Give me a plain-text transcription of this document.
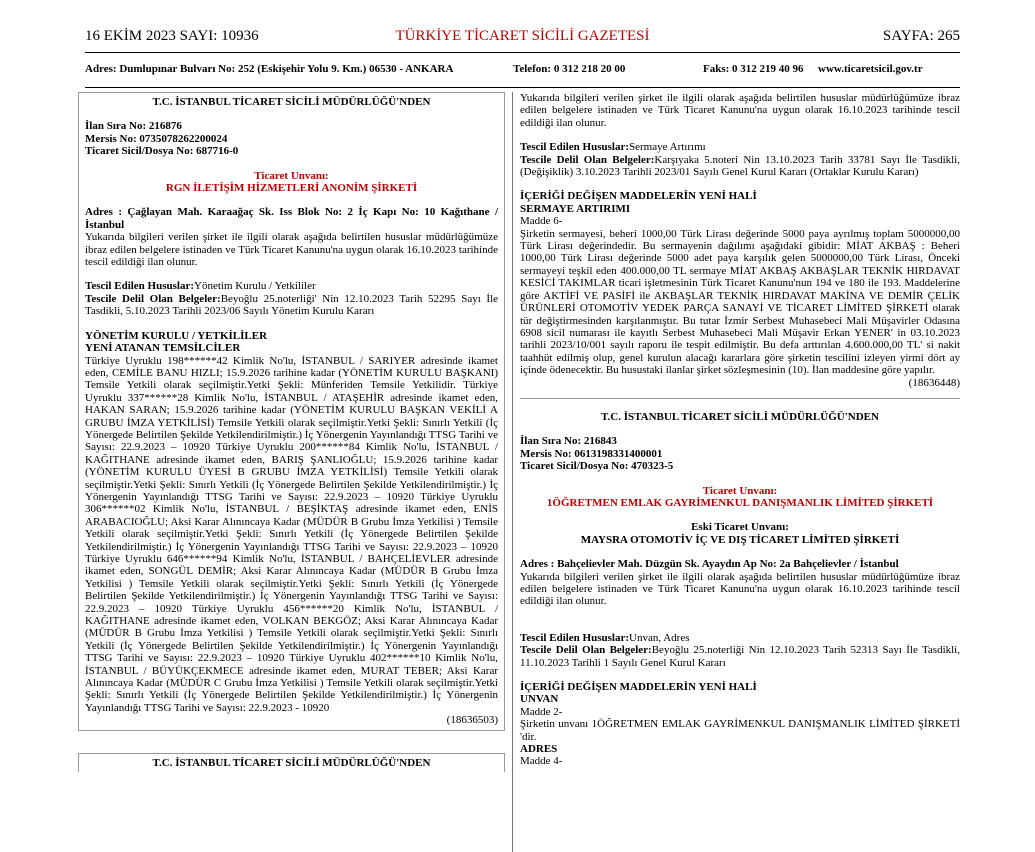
16 EKİM 2023 SAYI: 10936	TÜRKİYE TİCARET SİCİLİ GAZETESİ	SAYFA: 265
Adres: Dumlupınar Bulvarı No: 252 (Eskişehir Yolu 9. Km.) 06530 - ANKARA	Telefon: 0 312 218 20 00	Faks: 0 312 219 40 96 www.ticaretsicil.gov.tr

T.C. İSTANBUL TİCARET SİCİLİ MÜDÜRLÜĞÜ'NDEN

İlan Sıra No: 216876

Mersis No: 0735078262200024

Ticaret Sicil/Dosya No: 687716-0

Ticaret Unvanı:

RGN İLETİŞİM HİZMETLERİ ANONİM ŞİRKETİ

Adres : Çağlayan Mah. Karaağaç Sk. Iss Blok No: 2 İç Kapı No: 10 Kağıthane / İstanbul

Yukarıda bilgileri verilen şirket ile ilgili olarak aşağıda belirtilen hususlar müdürlüğümüze ibraz edilen belgelere istinaden ve Türk Ticaret Kanunu'na uygun olarak 16.10.2023 tarihinde tescil edildiği ilan olunur.

Tescil Edilen Hususlar:Yönetim Kurulu / Yetkililer

Tescile Delil Olan Belgeler:Beyoğlu 25.noterliği' Nin 12.10.2023 Tarih 52295 Sayı İle Tasdikli, 5.10.2023 Tarihli 2023/06 Sayılı Yönetim Kurulu Kararı

YÖNETİM KURULU / YETKİLİLER

YENİ ATANAN TEMSİLCİLER

Türkiye Uyruklu 198******42 Kimlik No'lu, İSTANBUL / SARIYER adresinde ikamet eden, CEMİLE BANU HIZLI; 15.9.2026 tarihine kadar (YÖNETİM KURULU BAŞKANI) Temsile Yetkili olarak seçilmiştir.Yetki Şekli: Münferiden Temsile Yetkilidir. Türkiye Uyruklu 337******28 Kimlik No'lu, İSTANBUL / ATAŞEHİR adresinde ikamet eden, HAKAN SARAN; 15.9.2026 tarihine kadar (YÖNETİM KURULU BAŞKAN VEKİLİ A GRUBU İMZA YETKİLİSİ) Temsile Yetkili olarak seçilmiştir.Yetki Şekli: Sınırlı Yetkili (İç Yönergede Belirtilen Şekilde Yetkilendirilmiştir.) İç Yönergenin Yayınlandığı TTSG Tarihi ve Sayısı: 22.9.2023 – 10920 Türkiye Uyruklu 200******84 Kimlik No'lu, İSTANBUL / KAĞITHANE adresinde ikamet eden, BARIŞ ŞANLIOĞLU; 15.9.2026 tarihine kadar (YÖNETİM KURULU ÜYESİ B GRUBU İMZA YETKİLİSİ) Temsile Yetkili olarak seçilmiştir.Yetki Şekli: Sınırlı Yetkili (İç Yönergede Belirtilen Şekilde Yetkilendirilmiştir.) İç Yönergenin Yayınlandığı TTSG Tarihi ve Sayısı: 22.9.2023 – 10920 Türkiye Uyruklu 306******02 Kimlik No'lu, İSTANBUL / BEŞİKTAŞ adresinde ikamet eden, ENİS ARABACIOĞLU; Aksi Karar Alınıncaya Kadar (MÜDÜR B Grubu İmza Yetkilisi ) Temsile Yetkili olarak seçilmiştir.Yetki Şekli: Sınırlı Yetkili (İç Yönergede Belirtilen Şekilde Yetkilendirilmiştir.) İç Yönergenin Yayınlandığı TTSG Tarihi ve Sayısı: 22.9.2023 – 10920 Türkiye Uyruklu 646******94 Kimlik No'lu, İSTANBUL / BAHÇELİEVLER adresinde ikamet eden, SONGÜL DEMİR; Aksi Karar Alınıncaya Kadar (MÜDÜR B Grubu İmza Yetkilisi ) Temsile Yetkili olarak seçilmiştir.Yetki Şekli: Sınırlı Yetkili (İç Yönergede Belirtilen Şekilde Yetkilendirilmiştir.) İç Yönergenin Yayınlandığı TTSG Tarihi ve Sayısı: 22.9.2023 – 10920 Türkiye Uyruklu 456******20 Kimlik No'lu, İSTANBUL / KAĞITHANE adresinde ikamet eden, VOLKAN BEKGÖZ; Aksi Karar Alınıncaya Kadar (MÜDÜR B Grubu İmza Yetkilisi ) Temsile Yetkili olarak seçilmiştir.Yetki Şekli: Sınırlı Yetkili (İç Yönergede Belirtilen Şekilde Yetkilendirilmiştir.) İç Yönergenin Yayınlandığı TTSG Tarihi ve Sayısı: 22.9.2023 – 10920 Türkiye Uyruklu 402******10 Kimlik No'lu, İSTANBUL / BÜYÜKÇEKMECE adresinde ikamet eden, MURAT TEBER; Aksi Karar Alınıncaya Kadar (MÜDÜR C Grubu İmza Yetkilisi ) Temsile Yetkili olarak seçilmiştir.Yetki Şekli: Sınırlı Yetkili (İç Yönergede Belirtilen Şekilde Yetkilendirilmiştir.) İç Yönergenin Yayınlandığı TTSG Tarihi ve Sayısı: 22.9.2023 - 10920

(18636503)

T.C. İSTANBUL TİCARET SİCİLİ MÜDÜRLÜĞÜ'NDEN

Yukarıda bilgileri verilen şirket ile ilgili olarak aşağıda belirtilen hususlar müdürlüğümüze ibraz edilen belgelere istinaden ve Türk Ticaret Kanunu'na uygun olarak 16.10.2023 tarihinde tescil edildiği ilan olunur.

Tescil Edilen Hususlar:Sermaye Artırımı

Tescile Delil Olan Belgeler:Karşıyaka 5.noteri Nin 13.10.2023 Tarih 33781 Sayı İle Tasdikli, (Değişiklik) 3.10.2023 Tarihli 2023/01 Sayılı Genel Kurul Kararı (Ortaklar Kurulu Kararı)

İÇERİĞİ DEĞİŞEN MADDELERİN YENİ HALİ

SERMAYE ARTIRIMI

Madde 6-

Şirketin sermayesi, beheri 1000,00 Türk Lirası değerinde 5000 paya ayrılmış toplam 5000000,00 Türk Lirası değerindedir. Bu sermayenin dağılımı aşağıdaki gibidir: MİAT AKBAŞ : Beheri 1000,00 Türk Lirası değerinde 5000 adet paya karşılık gelen 5000000,00 Türk Lirası, Önceki sermayeyi teşkil eden 400.000,00 TL sermaye MİAT AKBAŞ AKBAŞLAR TEKNİK HIRDAVAT KESİCİ TAKIMLAR ticari işletmesinin Türk Ticaret Kanunu'nun 194 ve 180 ile 193. Maddelerine göre AKTİFİ VE PASİFİ ile AKBAŞLAR TEKNİK HIRDAVAT MAKİNA VE DEMİR ÇELİK ÜRÜNLERİ OTOMOTİV YEDEK PARÇA SANAYİ VE TİCARET LİMİTED ŞİRKETİ olarak tür değiştirmesinden karşılanmıştır. Bu tutar İzmir Serbest Muhasebeci Mali Müşavirler Odasına 6908 sicil numarası ile kayıtlı Serbest Muhasebeci Mali Müşavir Erkan YENER' in 03.10.2023 tarihli 2023/10/001 sayılı raporu ile tespit edilmiştir. Bu defa arttırılan 4.600.000,00 TL' si nakit taahhüt edilmiş olup, genel kurulun alacağı kararlara göre şirketin tescilini izleyen yirmi dört ay içinde ödenecektir. Bu husustaki ilanlar şirket sözleşmesinin (10). İlan maddesine göre yapılır.

(18636448)

T.C. İSTANBUL TİCARET SİCİLİ MÜDÜRLÜĞÜ'NDEN

İlan Sıra No: 216843

Mersis No: 0613198331400001

Ticaret Sicil/Dosya No: 470323-5

Ticaret Unvanı:

1ÖĞRETMEN EMLAK GAYRİMENKUL DANIŞMANLIK LİMİTED ŞİRKETİ

Eski Ticaret Unvanı:

MAYSRA OTOMOTİV İÇ VE DIŞ TİCARET LİMİTED ŞİRKETİ

Adres : Bahçelievler Mah. Düzgün Sk. Ayaydın Ap No: 2a Bahçelievler / İstanbul

Yukarıda bilgileri verilen şirket ile ilgili olarak aşağıda belirtilen hususlar müdürlüğümüze ibraz edilen belgelere istinaden ve Türk Ticaret Kanunu'na uygun olarak 16.10.2023 tarihinde tescil edildiği ilan olunur.

Tescil Edilen Hususlar:Unvan, Adres

Tescile Delil Olan Belgeler:Beyoğlu 25.noterliği Nin 12.10.2023 Tarih 52313 Sayı İle Tasdikli, 11.10.2023 Tarihli 1 Sayılı Genel Kurul Kararı

İÇERİĞİ DEĞİŞEN MADDELERİN YENİ HALİ

UNVAN

Madde 2-

Şirketin unvanı 1ÖĞRETMEN EMLAK GAYRİMENKUL DANIŞMANLIK LİMİTED ŞİRKETİ 'dir.

ADRES

Madde 4-
